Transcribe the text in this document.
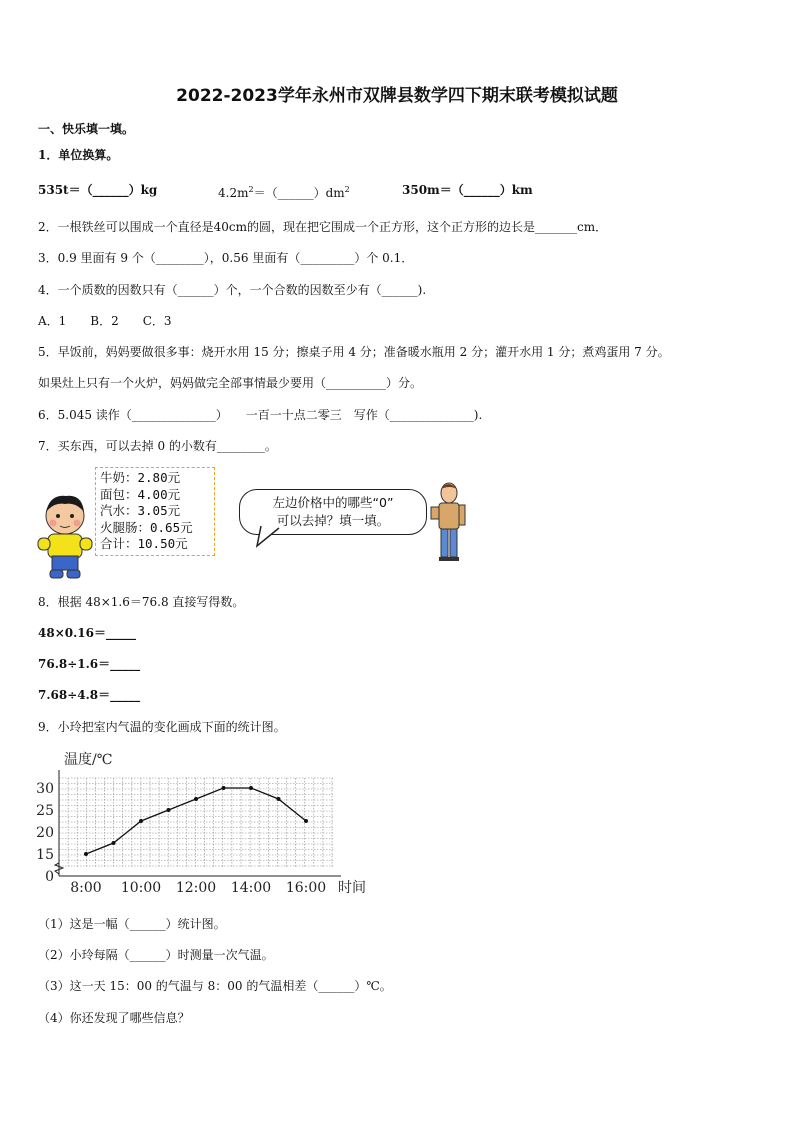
2022-2023学年永州市双牌县数学四下期末联考模拟试题
一、快乐填一填。
1．单位换算。
535t＝（______）kg	$4.2m^2=(\_\_\_\_\_\_)dm^2$	350m＝（______）km
2．一根铁丝可以围成一个直径是40cm的圆，现在把它围成一个正方形，这个正方形的边长是_______cm．
3．0.9 里面有 9 个（________），0.56 里面有（_________）个 0.1．
4．一个质数的因数只有（______）个，一个合数的因数至少有（______).
A．1　　B．2　　C．3
5．早饭前，妈妈要做很多事：烧开水用 15 分；擦桌子用 4 分；准备暖水瓶用 2 分；灌开水用 1 分；煮鸡蛋用 7 分。
如果灶上只有一个火炉，妈妈做完全部事情最少要用（__________）分。
6．5.045 读作（______________）　　一百一十点二零三　写作（______________).
7．买东西，可以去掉 0 的小数有________。
牛奶：2.80元
面包：4.00元
汽水：3.05元
火腿肠：0.65元
合计：10.50元
左边价格中的哪些“0”
可以去掉？填一填。
8．根据 48×1.6＝76.8 直接写得数。
48×0.16＝_____
76.8÷1.6＝_____
7.68÷4.8＝_____
9．小玲把室内气温的变化画成下面的统计图。
0
15
20
25
30
8:00 10:00 12:00 14:00 16:00
温度/℃
时间
（1）这是一幅（______）统计图。
（2）小玲每隔（______）时测量一次气温。
（3）这一天 15：00 的气温与 8：00 的气温相差（______）℃。
（4）你还发现了哪些信息？
